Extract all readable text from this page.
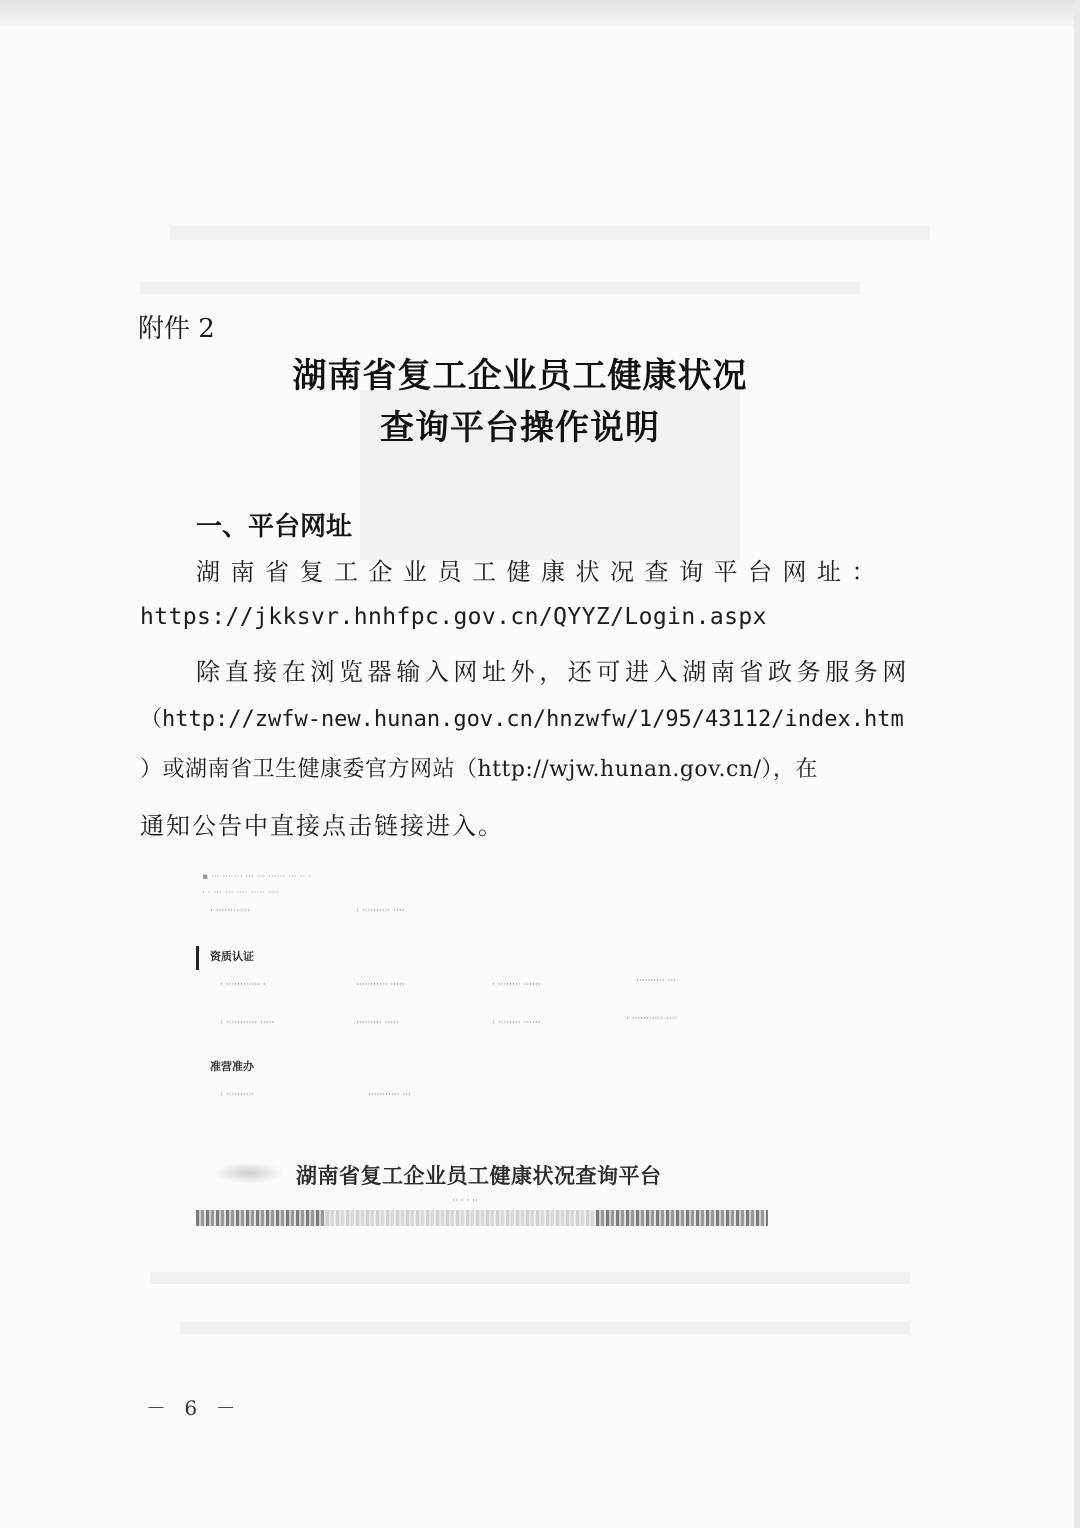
附件 2
湖南省复工企业员工健康状况
查询平台操作说明
一、平台网址
湖南省复工企业员工健康状况查询平台网址：
https://jkksvr.hnhfpc.gov.cn/QYYZ/Login.aspx
除直接在浏览器输入网址外，还可进入湖南省政务服务网
（http://zwfw-new.hunan.gov.cn/hnzwfw/1/95/43112/index.htm
）或湖南省卫生健康委官方网站（http://wjw.hunan.gov.cn/），在
通知公告中直接点击链接进入。
▪ ··· ··· ··· ··· ··· ······ ··· ·· ·
· · ··· ··· ···· ····· ····
· ············	· ·········· ····
资质认证
· ············ ·	··········· ·····	· ········ ······	·········· ···
· ··········· ·····	········· ·····	· ········ ······	· ··········· ····
准营准办
· ··········	··········· ···
湖南省复工企业员工健康状况查询平台
·· · · ··
－ 6 －
